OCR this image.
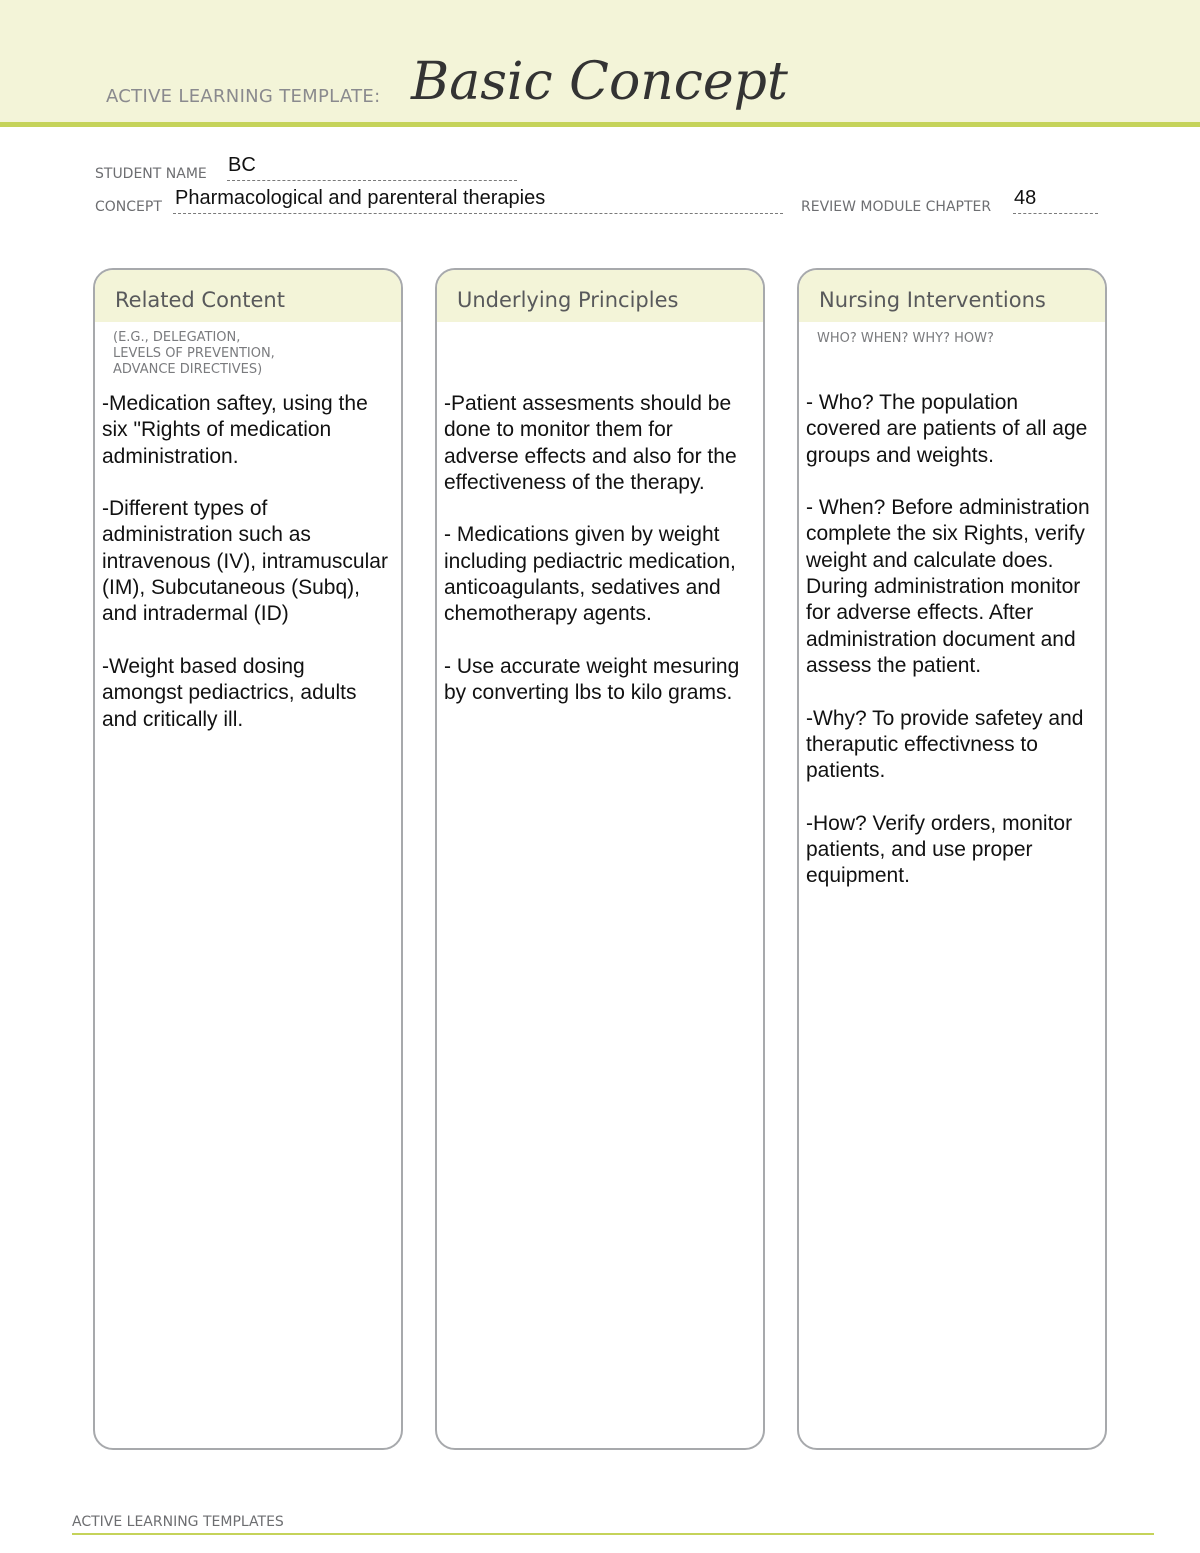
ACTIVE LEARNING TEMPLATE: Basic Concept
STUDENT NAME BC
CONCEPT Pharmacological and parenteral therapies	REVIEW MODULE CHAPTER 48
Related Content
(E.G., DELEGATION,
LEVELS OF PREVENTION,
ADVANCE DIRECTIVES)

-Medication saftey, using the six "Rights of medication administration.

-Different types of administration such as intravenous (IV), intramuscular (IM), Subcutaneous (Subq), and intradermal (ID)

-Weight based dosing amongst pediactrics, adults and critically ill.

Underlying Principles

-Patient assesments should be done to monitor them for adverse effects and also for the effectiveness of the therapy.

- Medications given by weight including pediactric medication, anticoagulants, sedatives and chemotherapy agents.

- Use accurate weight mesuring by converting lbs to kilo grams.

Nursing Interventions
WHO? WHEN? WHY? HOW?

- Who? The population covered are patients of all age groups and weights.

- When? Before administration complete the six Rights, verify weight and calculate does. During administration monitor for adverse effects. After administration document and assess the patient.

-Why? To provide safetey and theraputic effectivness to patients.

-How? Verify orders, monitor patients, and use proper equipment.

ACTIVE LEARNING TEMPLATES
